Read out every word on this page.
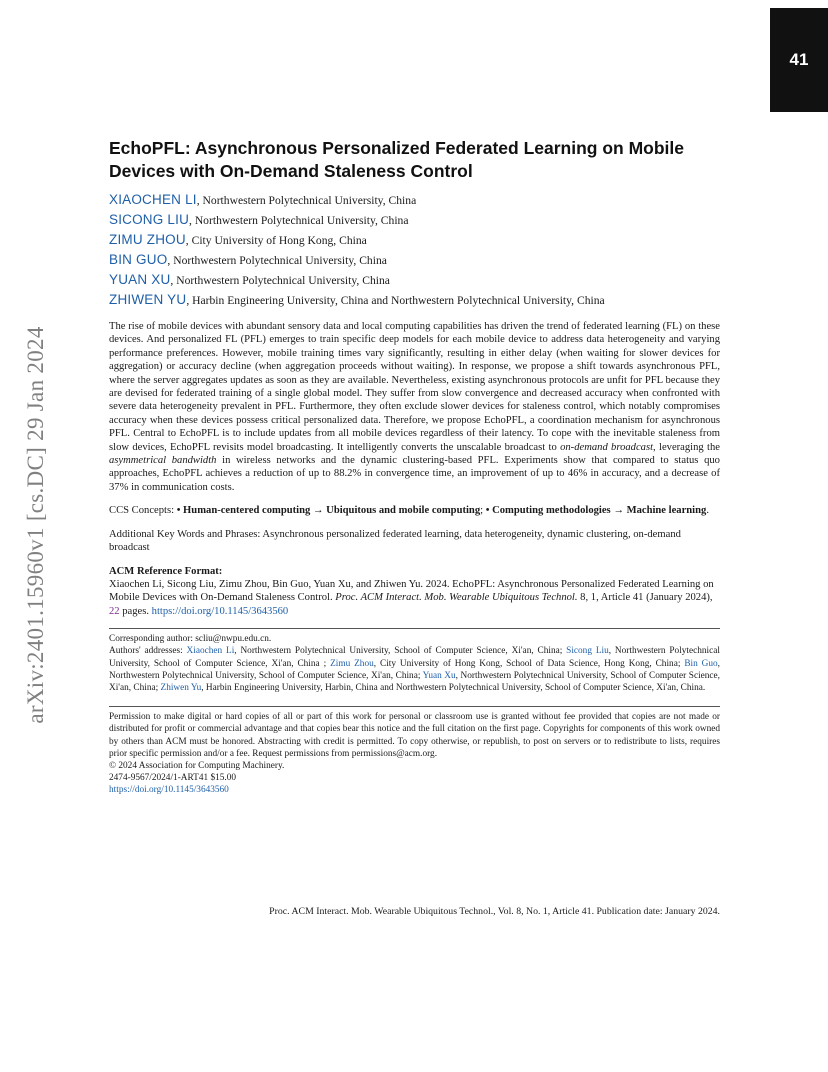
41
arXiv:2401.15960v1 [cs.DC] 29 Jan 2024
EchoPFL: Asynchronous Personalized Federated Learning on Mobile Devices with On-Demand Staleness Control
XIAOCHEN LI, Northwestern Polytechnical University, China
SICONG LIU, Northwestern Polytechnical University, China
ZIMU ZHOU, City University of Hong Kong, China
BIN GUO, Northwestern Polytechnical University, China
YUAN XU, Northwestern Polytechnical University, China
ZHIWEN YU, Harbin Engineering University, China and Northwestern Polytechnical University, China
The rise of mobile devices with abundant sensory data and local computing capabilities has driven the trend of federated learning (FL) on these devices. And personalized FL (PFL) emerges to train specific deep models for each mobile device to address data heterogeneity and varying performance preferences. However, mobile training times vary significantly, resulting in either delay (when waiting for slower devices for aggregation) or accuracy decline (when aggregation proceeds without waiting). In response, we propose a shift towards asynchronous PFL, where the server aggregates updates as soon as they are available. Nevertheless, existing asynchronous protocols are unfit for PFL because they are devised for federated training of a single global model. They suffer from slow convergence and decreased accuracy when confronted with severe data heterogeneity prevalent in PFL. Furthermore, they often exclude slower devices for staleness control, which notably compromises accuracy when these devices possess critical personalized data. Therefore, we propose EchoPFL, a coordination mechanism for asynchronous PFL. Central to EchoPFL is to include updates from all mobile devices regardless of their latency. To cope with the inevitable staleness from slow devices, EchoPFL revisits model broadcasting. It intelligently converts the unscalable broadcast to on-demand broadcast, leveraging the asymmetrical bandwidth in wireless networks and the dynamic clustering-based PFL. Experiments show that compared to status quo approaches, EchoPFL achieves a reduction of up to 88.2% in convergence time, an improvement of up to 46% in accuracy, and a decrease of 37% in communication costs.
CCS Concepts: • Human-centered computing → Ubiquitous and mobile computing; • Computing methodologies → Machine learning.
Additional Key Words and Phrases: Asynchronous personalized federated learning, data heterogeneity, dynamic clustering, on-demand broadcast
ACM Reference Format:
Xiaochen Li, Sicong Liu, Zimu Zhou, Bin Guo, Yuan Xu, and Zhiwen Yu. 2024. EchoPFL: Asynchronous Personalized Federated Learning on Mobile Devices with On-Demand Staleness Control. Proc. ACM Interact. Mob. Wearable Ubiquitous Technol. 8, 1, Article 41 (January 2024), 22 pages. https://doi.org/10.1145/3643560
Corresponding author: scliu@nwpu.edu.cn.
Authors' addresses: Xiaochen Li, Northwestern Polytechnical University, School of Computer Science, Xi'an, China; Sicong Liu, Northwestern Polytechnical University, School of Computer Science, Xi'an, China ; Zimu Zhou, City University of Hong Kong, School of Data Science, Hong Kong, China; Bin Guo, Northwestern Polytechnical University, School of Computer Science, Xi'an, China; Yuan Xu, Northwestern Polytechnical University, School of Computer Science, Xi'an, China; Zhiwen Yu, Harbin Engineering University, Harbin, China and Northwestern Polytechnical University, School of Computer Science, Xi'an, China.
Permission to make digital or hard copies of all or part of this work for personal or classroom use is granted without fee provided that copies are not made or distributed for profit or commercial advantage and that copies bear this notice and the full citation on the first page. Copyrights for components of this work owned by others than ACM must be honored. Abstracting with credit is permitted. To copy otherwise, or republish, to post on servers or to redistribute to lists, requires prior specific permission and/or a fee. Request permissions from permissions@acm.org.
© 2024 Association for Computing Machinery.
2474-9567/2024/1-ART41 $15.00
https://doi.org/10.1145/3643560
Proc. ACM Interact. Mob. Wearable Ubiquitous Technol., Vol. 8, No. 1, Article 41. Publication date: January 2024.
